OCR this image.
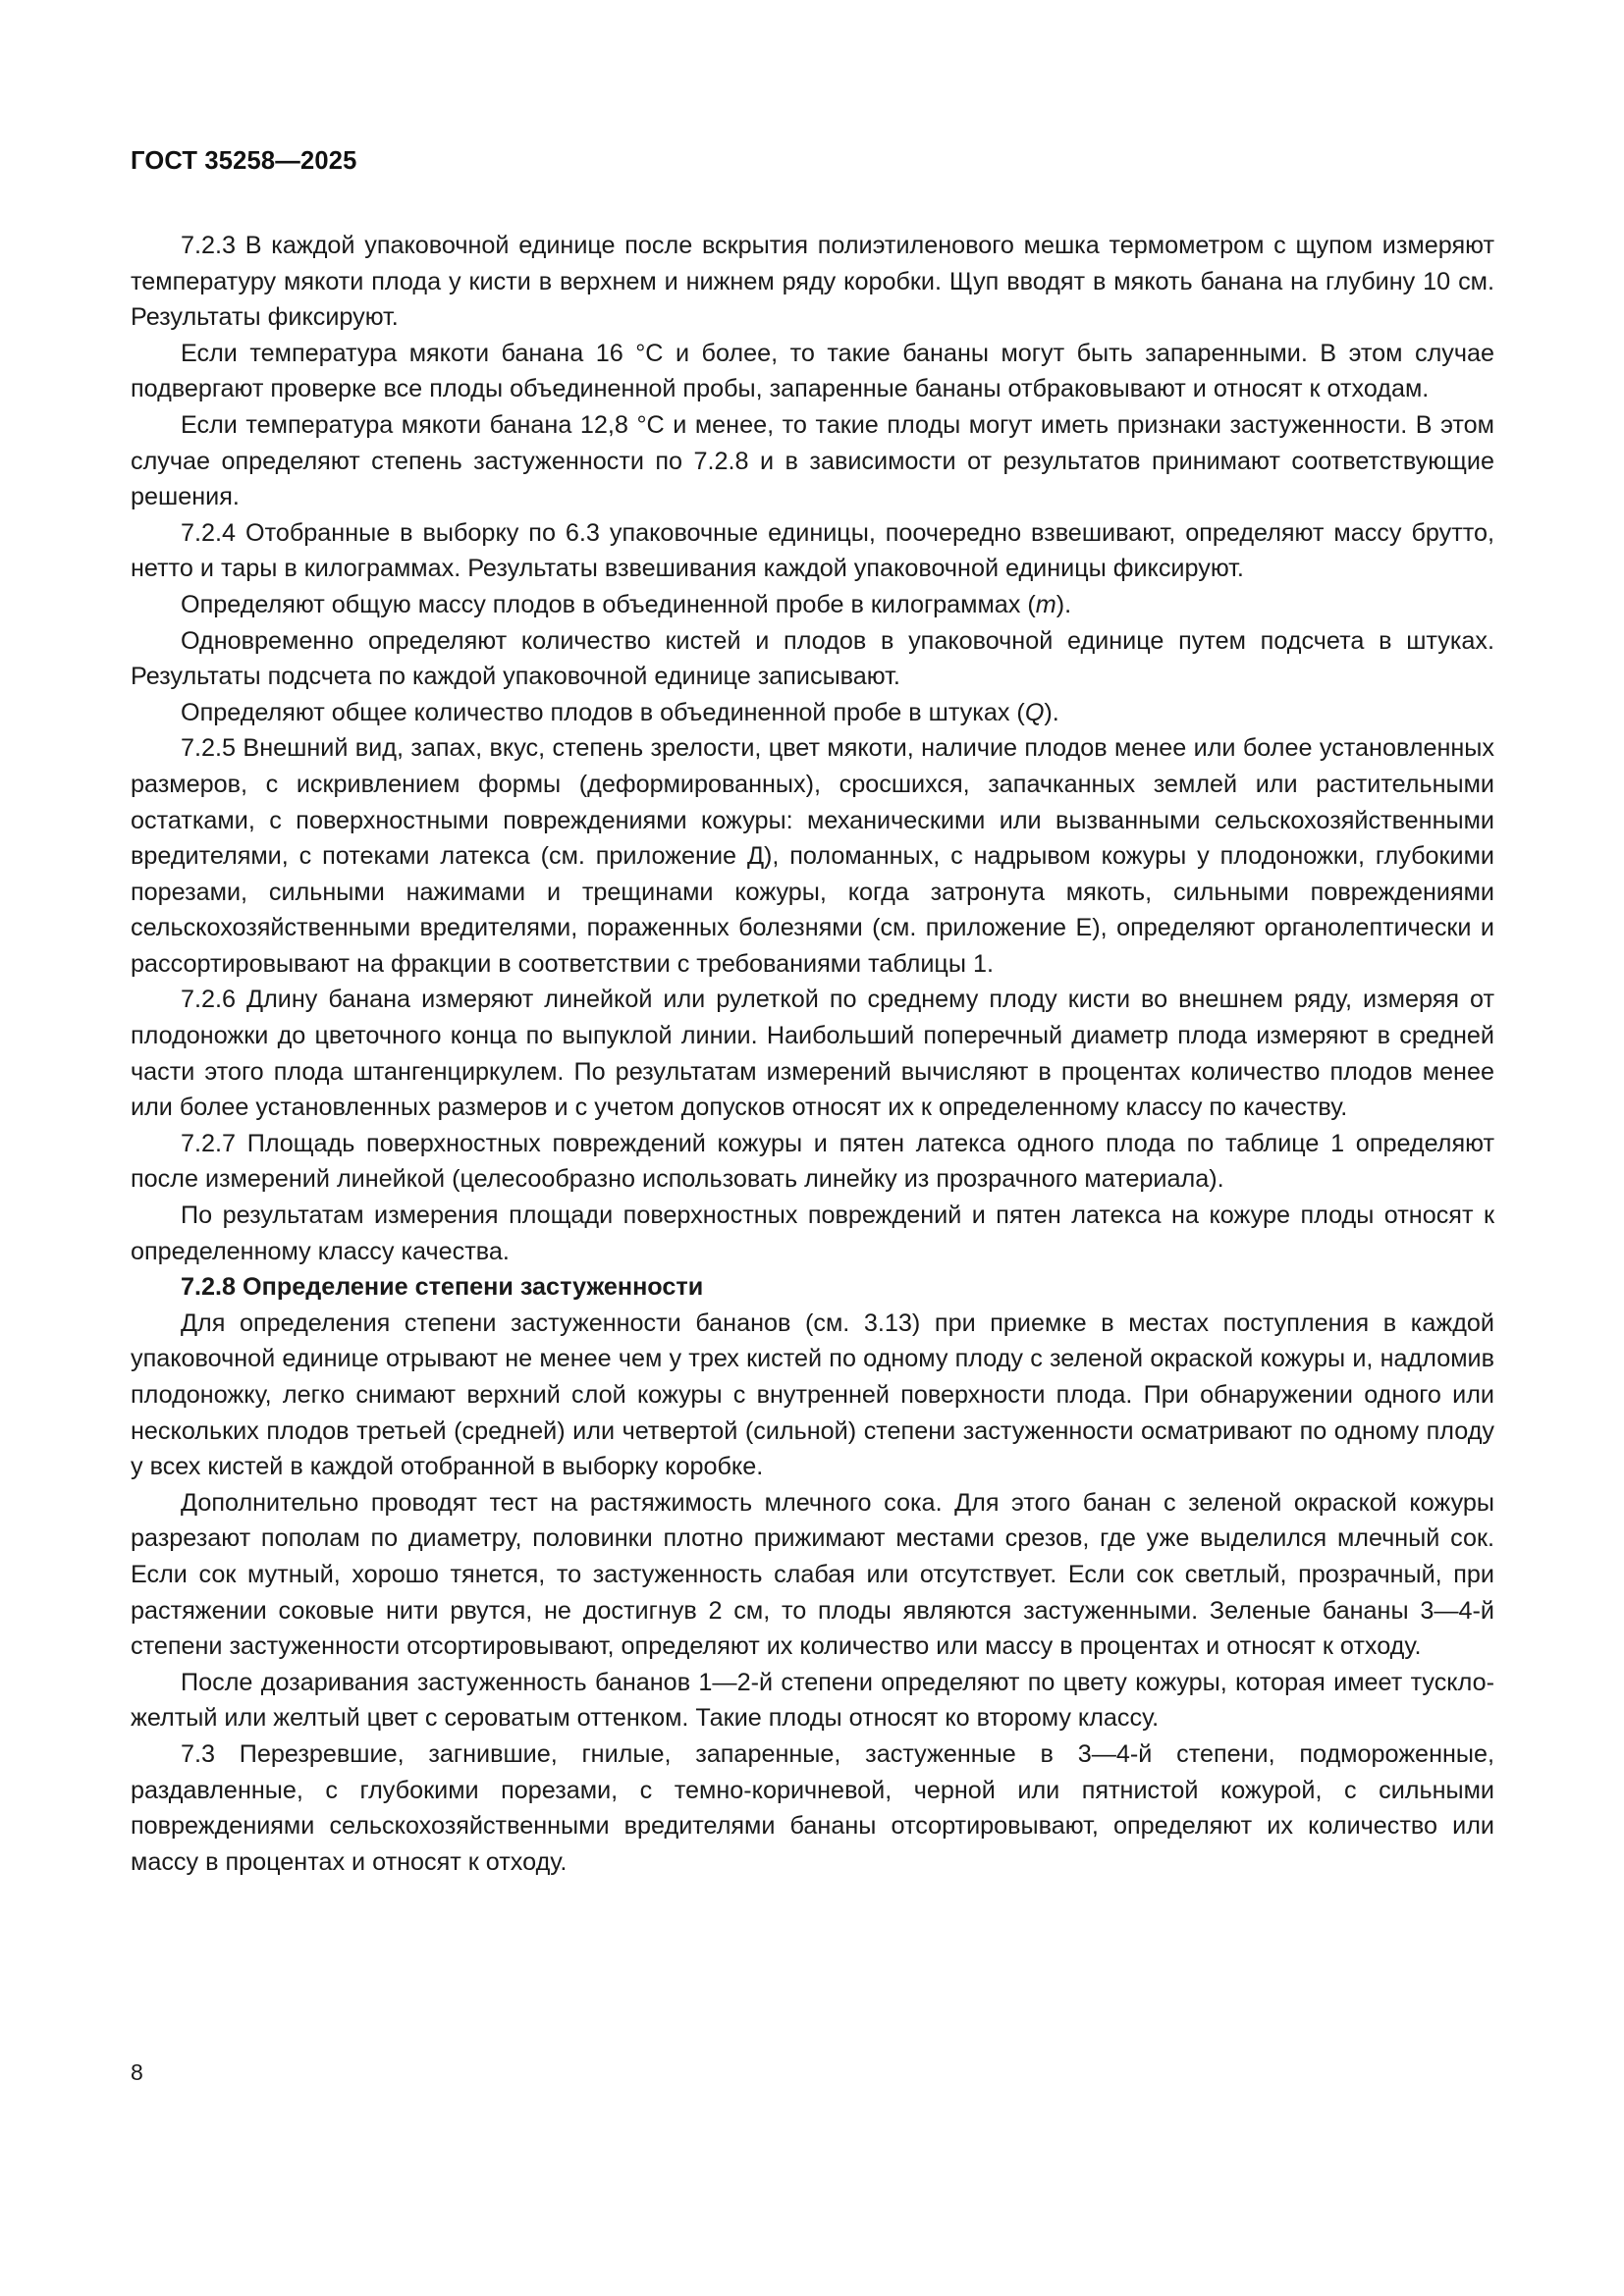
ГОСТ 35258—2025

7.2.3 В каждой упаковочной единице после вскрытия полиэтиленового мешка термометром с щупом измеряют температуру мякоти плода у кисти в верхнем и нижнем ряду коробки. Щуп вводят в мякоть банана на глубину 10 см. Результаты фиксируют.

Если температура мякоти банана 16 °С и более, то такие бананы могут быть запаренными. В этом случае подвергают проверке все плоды объединенной пробы, запаренные бананы отбраковывают и относят к отходам.

Если температура мякоти банана 12,8 °С и менее, то такие плоды могут иметь признаки застуженности. В этом случае определяют степень застуженности по 7.2.8 и в зависимости от результатов принимают соответствующие решения.

7.2.4 Отобранные в выборку по 6.3 упаковочные единицы, поочередно взвешивают, определяют массу брутто, нетто и тары в килограммах. Результаты взвешивания каждой упаковочной единицы фиксируют.

Определяют общую массу плодов в объединенной пробе в килограммах (m).

Одновременно определяют количество кистей и плодов в упаковочной единице путем подсчета в штуках. Результаты подсчета по каждой упаковочной единице записывают.

Определяют общее количество плодов в объединенной пробе в штуках (Q).

7.2.5 Внешний вид, запах, вкус, степень зрелости, цвет мякоти, наличие плодов менее или более установленных размеров, с искривлением формы (деформированных), сросшихся, запачканных землей или растительными остатками, с поверхностными повреждениями кожуры: механическими или вызванными сельскохозяйственными вредителями, с потеками латекса (см. приложение Д), поломанных, с надрывом кожуры у плодоножки, глубокими порезами, сильными нажимами и трещинами кожуры, когда затронута мякоть, сильными повреждениями сельскохозяйственными вредителями, пораженных болезнями (см. приложение Е), определяют органолептически и рассортировывают на фракции в соответствии с требованиями таблицы 1.

7.2.6 Длину банана измеряют линейкой или рулеткой по среднему плоду кисти во внешнем ряду, измеряя от плодоножки до цветочного конца по выпуклой линии. Наибольший поперечный диаметр плода измеряют в средней части этого плода штангенциркулем. По результатам измерений вычисляют в процентах количество плодов менее или более установленных размеров и с учетом допусков относят их к определенному классу по качеству.

7.2.7 Площадь поверхностных повреждений кожуры и пятен латекса одного плода по таблице 1 определяют после измерений линейкой (целесообразно использовать линейку из прозрачного материала).

По результатам измерения площади поверхностных повреждений и пятен латекса на кожуре плоды относят к определенному классу качества.

7.2.8 Определение степени застуженности

Для определения степени застуженности бананов (см. 3.13) при приемке в местах поступления в каждой упаковочной единице отрывают не менее чем у трех кистей по одному плоду с зеленой окраской кожуры и, надломив плодоножку, легко снимают верхний слой кожуры с внутренней поверхности плода. При обнаружении одного или нескольких плодов третьей (средней) или четвертой (сильной) степени застуженности осматривают по одному плоду у всех кистей в каждой отобранной в выборку коробке.

Дополнительно проводят тест на растяжимость млечного сока. Для этого банан с зеленой окраской кожуры разрезают пополам по диаметру, половинки плотно прижимают местами срезов, где уже выделился млечный сок. Если сок мутный, хорошо тянется, то застуженность слабая или отсутствует. Если сок светлый, прозрачный, при растяжении соковые нити рвутся, не достигнув 2 см, то плоды являются застуженными. Зеленые бананы 3—4-й степени застуженности отсортировывают, определяют их количество или массу в процентах и относят к отходу.

После дозаривания застуженность бананов 1—2-й степени определяют по цвету кожуры, которая имеет тускло-желтый или желтый цвет с сероватым оттенком. Такие плоды относят ко второму классу.

7.3 Перезревшие, загнившие, гнилые, запаренные, застуженные в 3—4-й степени, подмороженные, раздавленные, с глубокими порезами, с темно-коричневой, черной или пятнистой кожурой, с сильными повреждениями сельскохозяйственными вредителями бананы отсортировывают, определяют их количество или массу в процентах и относят к отходу.

8
